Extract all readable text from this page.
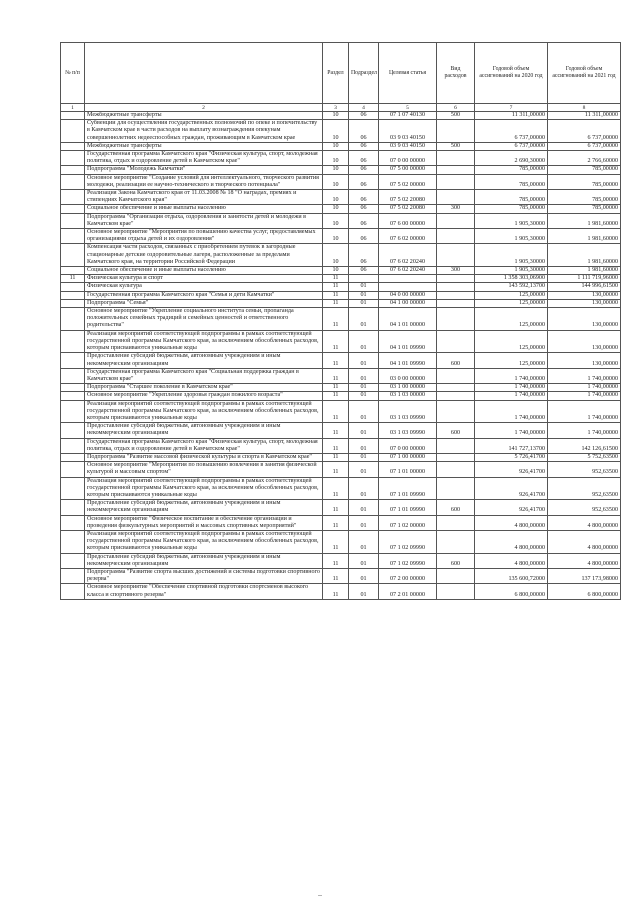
№ п/п		Раздел	Подраздел	Целевая статья	Вид расходов	Годовой объем ассигнований на 2020 год	Годовой объем ассигнований на 2021 год
1	2	3	4	5	6	7	8
	Межбюджетные трансферты	10	06	07 1 07 40130	500	11 311,00000	11 311,00000
	Субвенции для осуществления государственных полномочий по опеке и попечительству в Камчатском крае в части расходов на выплату вознаграждения опекунам совершеннолетних недееспособных граждан, проживающим в Камчатском крае	10	06	03 9 03 40150		6 737,00000	6 737,00000
	Межбюджетные трансферты	10	06	03 9 03 40150	500	6 737,00000	6 737,00000
	Государственная программа Камчатского края "Физическая культура, спорт, молодежная политика, отдых и оздоровление детей в Камчатском крае"	10	06	07 0 00 00000		2 690,30000	2 766,60000
	Подпрограмма "Молодежь Камчатки"	10	06	07 5 00 00000		785,00000	785,00000
	Основное мероприятие "Создание условий для интеллектуального, творческого развития молодежи, реализации ее научно-технического и творческого потенциала"	10	06	07 5 02 00000		785,00000	785,00000
	Реализация Закона Камчатского края от 11.03.2008 № 18 "О наградах, премиях и стипендиях Камчатского края"	10	06	07 5 02 20080		785,00000	785,00000
	Социальное обеспечение и иные выплаты населению	10	06	07 5 02 20080	300	785,00000	785,00000
	Подпрограмма "Организация отдыха, оздоровления и занятости детей и молодежи в Камчатском крае"	10	06	07 6 00 00000		1 905,30000	1 981,60000
	Основное мероприятие "Мероприятия по повышению качества услуг, предоставляемых организациями отдыха детей и их оздоровления"	10	06	07 6 02 00000		1 905,30000	1 981,60000
	Компенсация части расходов, связанных с приобретением путевок в загородные стационарные детские оздоровительные лагеря, расположенные за пределами Камчатского края, на территории Российской Федерации	10	06	07 6 02 20240		1 905,30000	1 981,60000
	Социальное обеспечение и иные выплаты населению	10	06	07 6 02 20240	300	1 905,30000	1 981,60000
11	Физическая культура и спорт	11				1 358 303,06900	1 111 719,96000
	Физическая культура	11	01			143 592,13700	144 996,61500
	Государственная программа Камчатского края "Семья и дети Камчатки"	11	01	04 0 00 00000		125,00000	130,00000
	Подпрограмма "Семья"	11	01	04 1 00 00000		125,00000	130,00000
	Основное мероприятие "Укрепление социального института семьи, пропаганда положительных семейных традиций и семейных ценностей и ответственного родительства"	11	01	04 1 01 00000		125,00000	130,00000
	Реализация мероприятий соответствующей подпрограммы в рамках соответствующей государственной программы Камчатского края, за исключением обособленных расходов, которым присваиваются уникальные коды	11	01	04 1 01 09990		125,00000	130,00000
	Предоставление субсидий бюджетным, автономным учреждениям и иным некоммерческим организациям	11	01	04 1 01 09990	600	125,00000	130,00000
	Государственная программа Камчатского края "Социальная поддержка граждан в Камчатском крае"	11	01	03 0 00 00000		1 740,00000	1 740,00000
	Подпрограмма "Старшее поколение в Камчатском крае"	11	01	03 1 00 00000		1 740,00000	1 740,00000
	Основное мероприятие "Укрепление здоровья граждан пожилого возраста"	11	01	03 1 03 00000		1 740,00000	1 740,00000
	Реализация мероприятий соответствующей подпрограммы в рамках соответствующей государственной программы Камчатского края, за исключением обособленных расходов, которым присваиваются уникальные коды	11	01	03 1 03 09990		1 740,00000	1 740,00000
	Предоставление субсидий бюджетным, автономным учреждениям и иным некоммерческим организациям	11	01	03 1 03 09990	600	1 740,00000	1 740,00000
	Государственная программа Камчатского края "Физическая культура, спорт, молодежная политика, отдых и оздоровление детей в Камчатском крае"	11	01	07 0 00 00000		141 727,13700	142 126,61500
	Подпрограмма "Развитие массовой физической культуры и спорта в Камчатском крае"	11	01	07 1 00 00000		5 726,41700	5 752,63500
	Основное мероприятие "Мероприятия по повышению вовлечения в занятия физической культурой и массовым спортом"	11	01	07 1 01 00000		926,41700	952,63500
	Реализация мероприятий соответствующей подпрограммы в рамках соответствующей государственной программы Камчатского края, за исключением обособленных расходов, которым присваиваются уникальные коды	11	01	07 1 01 09990		926,41700	952,63500
	Предоставление субсидий бюджетным, автономным учреждениям и иным некоммерческим организациям	11	01	07 1 01 09990	600	926,41700	952,63500
	Основное мероприятие "Физическое воспитание и обеспечение организации и проведения физкультурных мероприятий и массовых спортивных мероприятий"	11	01	07 1 02 00000		4 800,00000	4 800,00000
	Реализация мероприятий соответствующей подпрограммы в рамках соответствующей государственной программы Камчатского края, за исключением обособленных расходов, которым присваиваются уникальные коды	11	01	07 1 02 09990		4 800,00000	4 800,00000
	Предоставление субсидий бюджетным, автономным учреждениям и иным некоммерческим организациям	11	01	07 1 02 09990	600	4 800,00000	4 800,00000
	Подпрограмма "Развитие спорта высших достижений и системы подготовки спортивного резерва"	11	01	07 2 00 00000		135 600,72000	137 173,98000
	Основное мероприятие "Обеспечение спортивной подготовки спортсменов высокого класса и спортивного резерва"	11	01	07 2 01 00000		6 800,00000	6 800,00000
--
